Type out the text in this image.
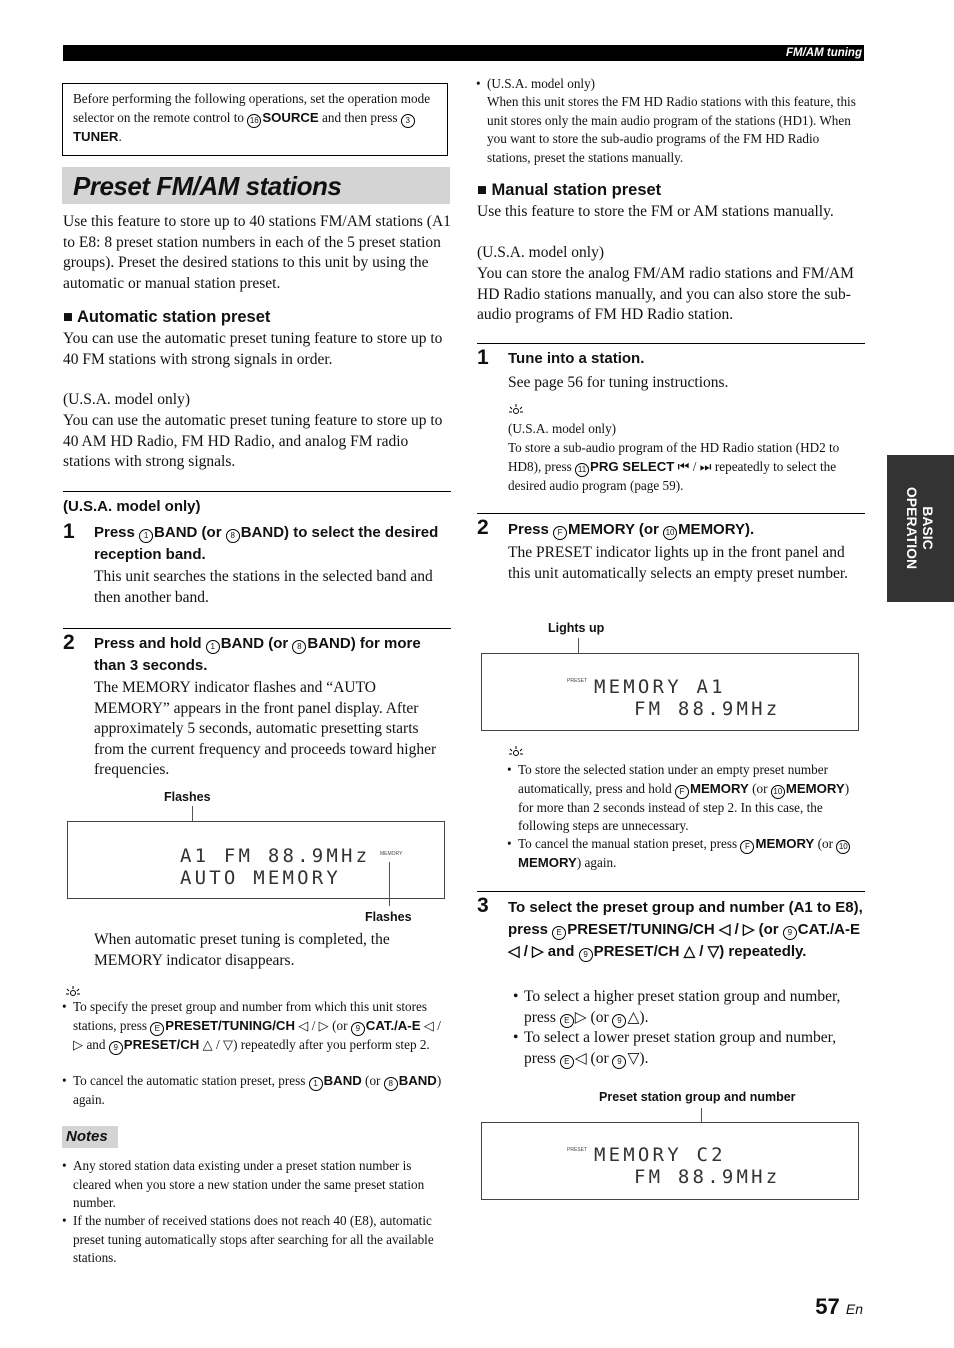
FM/AM tuning
Before performing the following operations, set the operation mode selector on the remote control to 16 SOURCE and then press 3TUNER.
Preset FM/AM stations
Use this feature to store up to 40 stations FM/AM stations (A1 to E8: 8 preset station numbers in each of the 5 preset station groups). Preset the desired stations to this unit by using the automatic or manual station preset.
■ Automatic station preset
You can use the automatic preset tuning feature to store up to 40 FM stations with strong signals in order.
(U.S.A. model only)
You can use the automatic preset tuning feature to store up to 40 AM HD Radio, FM HD Radio, and analog FM radio stations with strong signals.
(U.S.A. model only)
1 Press 1 BAND (or 8 BAND) to select the desired reception band.
This unit searches the stations in the selected band and then another band.
2 Press and hold 1 BAND (or 8 BAND) for more than 3 seconds.
The MEMORY indicator flashes and “AUTO MEMORY” appears in the front panel display. After approximately 5 seconds, automatic presetting starts from the current frequency and proceeds toward higher frequencies.
Flashes
A1 FM 88.9MHz
AUTO MEMORY
MEMORY
Flashes
When automatic preset tuning is completed, the MEMORY indicator disappears.
• To specify the preset group and number from which this unit stores stations, press E PRESET/TUNING/CH ◁ / ▷ (or 9 CAT./A-E ◁ / ▷ and 9 PRESET/CH △ / ▽) repeatedly after you perform step 2.
• To cancel the automatic station preset, press 1 BAND (or 8 BAND) again.
Notes
• Any stored station data existing under a preset station number is cleared when you store a new station under the same preset station number.
• If the number of received stations does not reach 40 (E8), automatic preset tuning automatically stops after searching for all the available stations.
• (U.S.A. model only)
When this unit stores the FM HD Radio stations with this feature, this unit stores only the main audio program of the stations (HD1). When you want to store the sub-audio programs of the FM HD Radio stations, preset the stations manually.
■ Manual station preset
Use this feature to store the FM or AM stations manually.
(U.S.A. model only)
You can store the analog FM/AM radio stations and FM/AM HD Radio stations manually, and you can also store the sub-audio programs of FM HD Radio station.
1 Tune into a station.
See page 56 for tuning instructions.
(U.S.A. model only)
To store a sub-audio program of the HD Radio station (HD2 to HD8), press 11 PRG SELECT ⏮ / ⏭ repeatedly to select the desired audio program (page 59).
2 Press F MEMORY (or 10 MEMORY).
The PRESET indicator lights up in the front panel and this unit automatically selects an empty preset number.
Lights up
PRESET MEMORY A1
FM 88.9MHz
• To store the selected station under an empty preset number automatically, press and hold F MEMORY (or 10 MEMORY) for more than 2 seconds instead of step 2. In this case, the following steps are unnecessary.
• To cancel the manual station preset, press F MEMORY (or 10MEMORY) again.
3 To select the preset group and number (A1 to E8), press E PRESET/TUNING/CH ◁ / ▷ (or 9 CAT./A-E ◁ / ▷ and 9 PRESET/CH △ / ▽) repeatedly.
• To select a higher preset station group and number, press E ▷ (or 9 △).
• To select a lower preset station group and number, press E ◁ (or 9 ▽).
Preset station group and number
PRESET MEMORY C2
FM 88.9MHz
BASIC
OPERATION
57 En
